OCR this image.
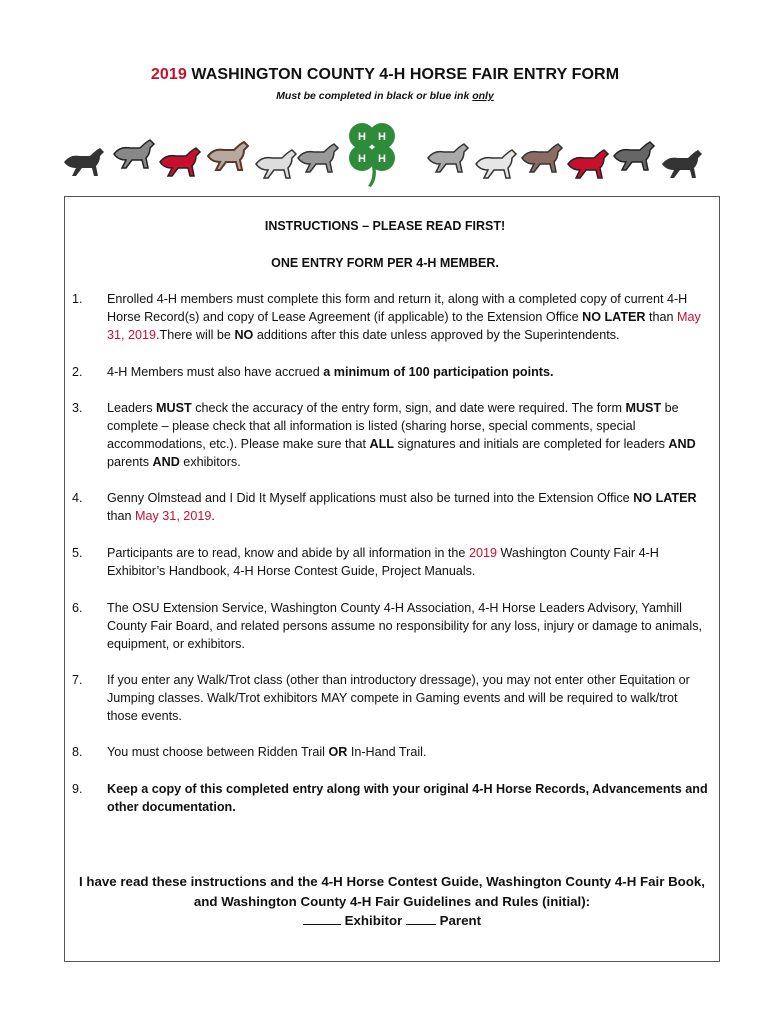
2019 WASHINGTON COUNTY 4-H HORSE FAIR ENTRY FORM
Must be completed in black or blue ink only
H H
H H
INSTRUCTIONS – PLEASE READ FIRST!
ONE ENTRY FORM PER 4-H MEMBER.
1. Enrolled 4-H members must complete this form and return it, along with a completed copy of current 4-H Horse Record(s) and copy of Lease Agreement (if applicable) to the Extension Office NO LATER than May 31, 2019.There will be NO additions after this date unless approved by the Superintendents.
2. 4-H Members must also have accrued a minimum of 100 participation points.
3. Leaders MUST check the accuracy of the entry form, sign, and date were required. The form MUST be complete – please check that all information is listed (sharing horse, special comments, special accommodations, etc.). Please make sure that ALL signatures and initials are completed for leaders AND parents AND exhibitors.
4. Genny Olmstead and I Did It Myself applications must also be turned into the Extension Office NO LATER than May 31, 2019.
5. Participants are to read, know and abide by all information in the 2019 Washington County Fair 4-H Exhibitor’s Handbook, 4-H Horse Contest Guide, Project Manuals.
6. The OSU Extension Service, Washington County 4-H Association, 4-H Horse Leaders Advisory, Yamhill County Fair Board, and related persons assume no responsibility for any loss, injury or damage to animals, equipment, or exhibitors.
7. If you enter any Walk/Trot class (other than introductory dressage), you may not enter other Equitation or Jumping classes. Walk/Trot exhibitors MAY compete in Gaming events and will be required to walk/trot those events.
8. You must choose between Ridden Trail OR In-Hand Trail.
9. Keep a copy of this completed entry along with your original 4-H Horse Records, Advancements and other documentation.
I have read these instructions and the 4-H Horse Contest Guide, Washington County 4-H Fair Book,
and Washington County 4-H Fair Guidelines and Rules (initial):
Exhibitor  Parent
